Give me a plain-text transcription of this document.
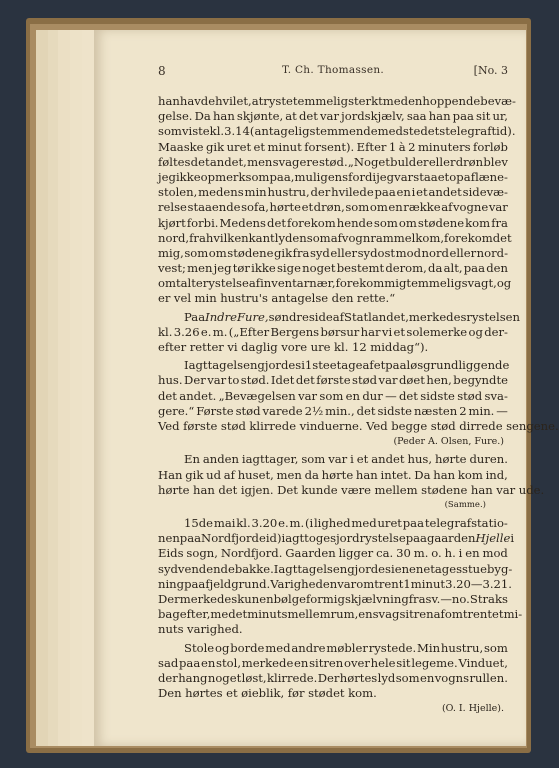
8	T. Ch. Thomassen.	[No. 3
han havde hvilet, at ryste temmelig sterkt med en hoppende bevæ-
gelse. Da han skjønte, at det var jordskjælv, saa han paa sit ur,
som viste kl. 3.14 (antagelig stemmende med stedets telegraftid).
Maaske gik uret et minut forsent). Efter 1 à 2 minuters forløb
føltes det andet, men svagere stød. „Noget bulder eller drøn blev
jeg ikke opmerksom paa, muligens fordi jeg var staaet op af læne-
stolen, medens min hustru, der hvilede paa en i et andet sidevæ-
relse staaende sofa, hørte et drøn, som om en række af vogne var
kjørt forbi. Medens det forekom hende som om stødene kom fra
nord, fra hvilken kant lyden som af vognrammel kom, forekom det
mig, som om stødene gik fra syd eller sydost mod nord eller nord-
vest; men jeg tør ikke sige noget bestemt derom, da alt, paa den
omtalte rystelse af inventar nær, forekom mig temmelig svagt, og
er vel min hustru's antagelse den rette.“
Paa Indre Fure, søndre side af Statlandet, merkedes rystelsen
kl. 3.26 e. m. („Efter Bergens børsur har vi et solemerke og der-
efter retter vi daglig vore ure kl. 12 middag“).
Iagttagelsen gjordes i 1ste etage af et paa løs grund liggende
hus. Der var to stød. Idet det første stød var døet hen, begyndte
det andet. „Bevægelsen var som en dur — det sidste stød sva-
gere.“ Første stød varede 2½ min., det sidste næsten 2 min. —
Ved første stød klirrede vinduerne. Ved begge stød dirrede sengene.
(Peder A. Olsen, Fure.)
En anden iagttager, som var i et andet hus, hørte duren.
Han gik ud af huset, men da hørte han intet. Da han kom ind,
hørte han det igjen. Det kunde være mellem stødene han var ude.
(Samme.)
15de mai kl. 3.20 e. m. (i lighed med uret paa telegrafstatio-
nen paa Nordfjordeid) iagttoges jordrystelse paa gaarden Hjelle i
Eids sogn, Nordfjord. Gaarden ligger ca. 30 m. o. h. i en mod
syd vendende bakke. Iagttagelsen gjordes i en enetages stuebyg-
ning paa fjeldgrund. Varigheden var omtrent 1 minut 3.20—3.21.
Der merkedes kun en bølgeformig skjælvning fra sv.—no. Straks
bagefter, med et minuts mellemrum, en svag sitren af omtrent et mi-
nuts varighed.
Stole og borde med andre møbler rystede. Min hustru, som
sad paa en stol, merkede en sitren over hele sit legeme. Vinduet,
der hang noget løst, klirrede. Der hørtes lyd som en vogns rullen.
Den hørtes et øieblik, før stødet kom.
(O. I. Hjelle).
